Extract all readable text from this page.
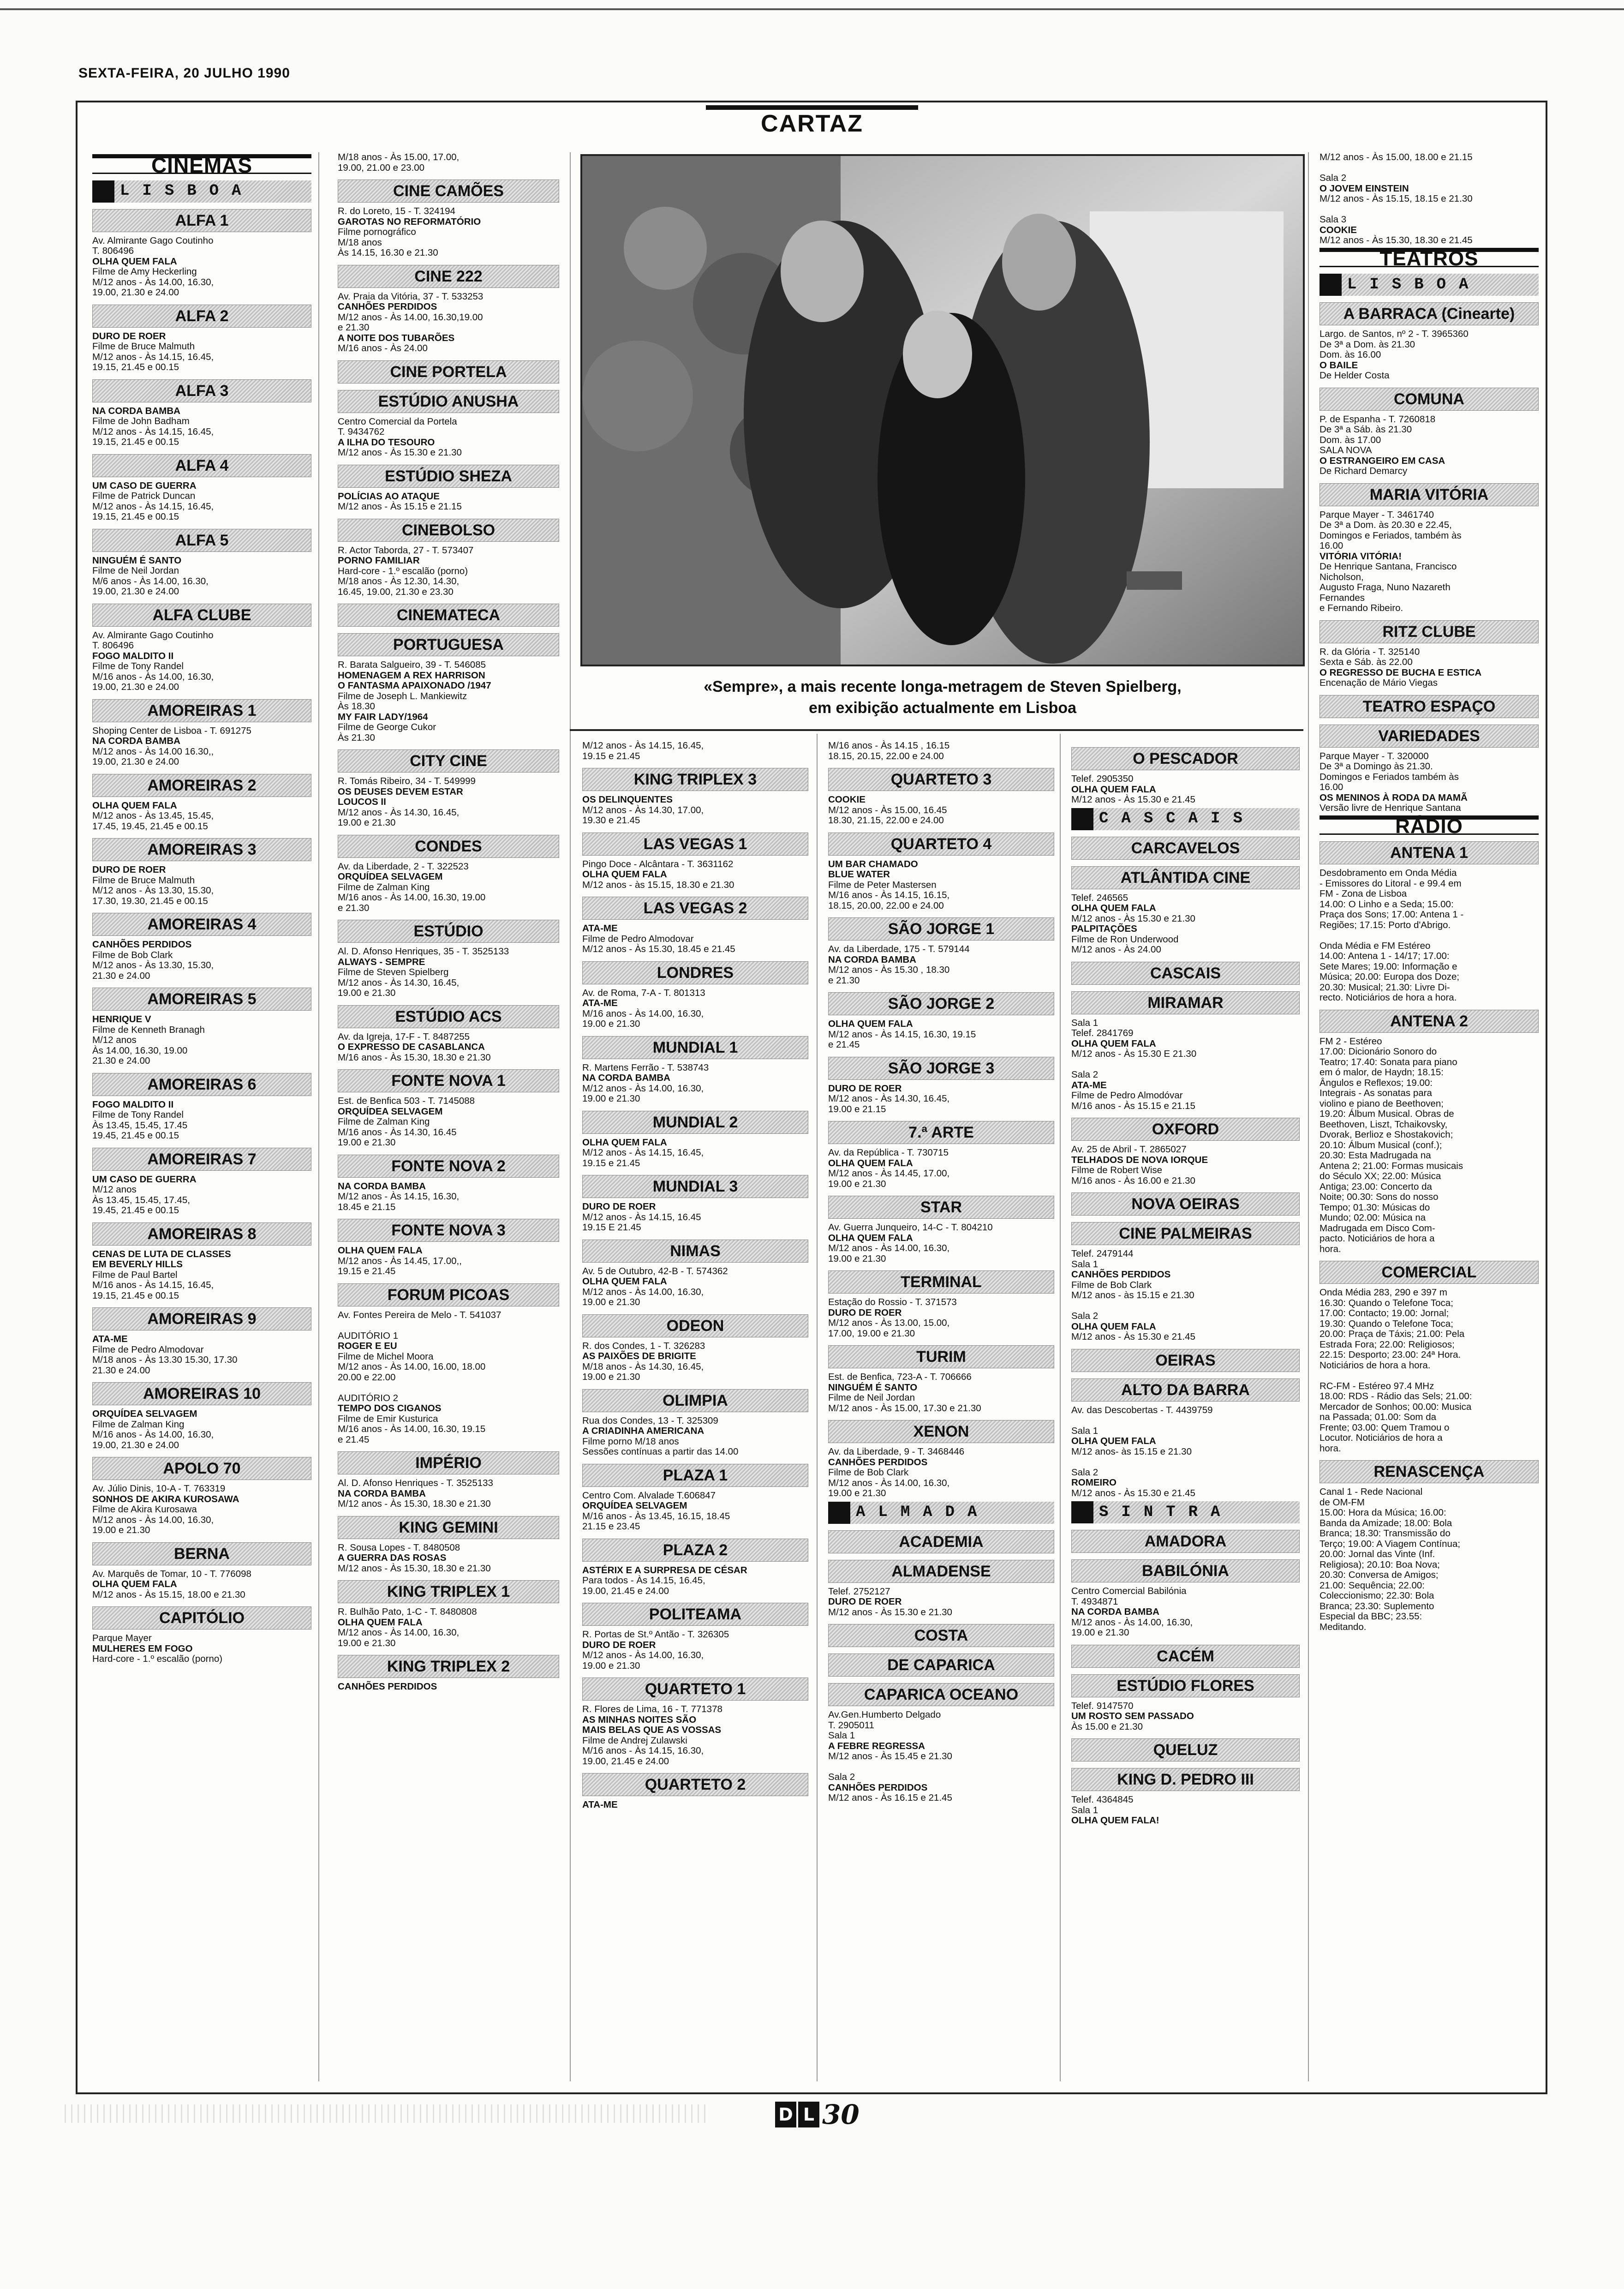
SEXTA-FEIRA, 20 JULHO 1990
CARTAZ
CINEMAS
L I S B O A
ALFA 1
Av. Almirante Gago Coutinho
T. 806496
OLHA QUEM FALA
Filme de Amy Heckerling
M/12 anos - Às 14.00, 16.30,
19.00, 21.30 e 24.00
ALFA 2
DURO DE ROER
Filme de Bruce Malmuth
M/12 anos - Às 14.15, 16.45,
19.15, 21.45 e 00.15
ALFA 3
NA CORDA BAMBA
Filme de John Badham
M/12 anos - Às 14.15, 16.45,
19.15, 21.45 e 00.15
ALFA 4
UM CASO DE GUERRA
Filme de Patrick Duncan
M/12 anos - Às 14.15, 16.45,
19.15, 21.45 e 00.15
ALFA 5
NINGUÉM É SANTO
Filme de Neil Jordan
M/6 anos - Às 14.00, 16.30,
19.00, 21.30 e 24.00
ALFA CLUBE
Av. Almirante Gago Coutinho
T. 806496
FOGO MALDITO II
Filme de Tony Randel
M/16 anos - Às 14.00, 16.30,
19.00, 21.30 e 24.00
AMOREIRAS 1
Shoping Center de Lisboa - T. 691275
NA CORDA BAMBA
M/12 anos - Às 14.00 16.30,,
19.00, 21.30 e 24.00
AMOREIRAS 2
OLHA QUEM FALA
M/12 anos - Às 13.45, 15.45,
17.45, 19.45, 21.45 e 00.15
AMOREIRAS 3
DURO DE ROER
Filme de Bruce Malmuth
M/12 anos - Às 13.30, 15.30,
17.30, 19.30, 21.45 e 00.15
AMOREIRAS 4
CANHÕES PERDIDOS
Filme de Bob Clark
M/12 anos - Às 13.30, 15.30,
21.30 e 24.00
AMOREIRAS 5
HENRIQUE V
Filme de Kenneth Branagh
M/12 anos
Às 14.00, 16.30, 19.00
21.30 e 24.00
AMOREIRAS 6
FOGO MALDITO II
Filme de Tony Randel
Às 13.45, 15.45, 17.45
19.45, 21.45 e 00.15
AMOREIRAS 7
UM CASO DE GUERRA
M/12 anos
Às 13.45, 15.45, 17.45,
19.45, 21.45 e 00.15
AMOREIRAS 8
CENAS DE LUTA DE CLASSES
EM BEVERLY HILLS
Filme de Paul Bartel
M/16 anos - Às 14.15, 16.45,
19.15, 21.45 e 00.15
AMOREIRAS 9
ATA-ME
Filme de Pedro Almodovar
M/18 anos - Às 13.30 15.30, 17.30
21.30 e 24.00
AMOREIRAS 10
ORQUÍDEA SELVAGEM
Filme de Zalman King
M/16 anos - Às 14.00, 16.30,
19.00, 21.30 e 24.00
APOLO 70
Av. Júlio Dinis, 10-A - T. 763319
SONHOS DE AKIRA KUROSAWA
Filme de Akira Kurosawa
M/12 anos - Às 14.00, 16.30,
19.00 e 21.30
BERNA
Av. Marquês de Tomar, 10 - T. 776098
OLHA QUEM FALA
M/12 anos - Às 15.15, 18.00 e 21.30
CAPITÓLIO
Parque Mayer
MULHERES EM FOGO
Hard-core - 1.º escalão (porno)
M/18 anos - Às 15.00, 17.00,
19.00, 21.00 e 23.00
CINE CAMÕES
R. do Loreto, 15 - T. 324194
GAROTAS NO REFORMATÓRIO
Filme pornográfico
M/18 anos
Às 14.15, 16.30 e 21.30
CINE 222
Av. Praia da Vitória, 37 - T. 533253
CANHÕES PERDIDOS
M/12 anos - Às 14.00, 16.30,19.00
e 21.30
A NOITE DOS TUBARÕES
M/16 anos - Às 24.00
CINE PORTELA
ESTÚDIO ANUSHA
Centro Comercial da Portela
T. 9434762
A ILHA DO TESOURO
M/12 anos - Às 15.30 e 21.30
ESTÚDIO SHEZA
POLÍCIAS AO ATAQUE
M/12 anos - Às 15.15 e 21.15
CINEBOLSO
R. Actor Taborda, 27 - T. 573407
PORNO FAMILIAR
Hard-core - 1.º escalão (porno)
M/18 anos - Às 12.30, 14.30,
16.45, 19.00, 21.30 e 23.30
CINEMATECA
PORTUGUESA
R. Barata Salgueiro, 39 - T. 546085
HOMENAGEM A REX HARRISON
O FANTASMA APAIXONADO /1947
Filme de Joseph L. Mankiewitz
Às 18.30
MY FAIR LADY/1964
Filme de George Cukor
Às 21.30
CITY CINE
R. Tomás Ribeiro, 34 - T. 549999
OS DEUSES DEVEM ESTAR
LOUCOS II
M/12 anos - Às 14.30, 16.45,
19.00 e 21.30
CONDES
Av. da Liberdade, 2 - T. 322523
ORQUÍDEA SELVAGEM
Filme de Zalman King
M/16 anos - Às 14.00, 16.30, 19.00
e 21.30
ESTÚDIO
Al. D. Afonso Henriques, 35 - T. 3525133
ALWAYS - SEMPRE
Filme de Steven Spielberg
M/12 anos - Às 14.30, 16.45,
19.00 e 21.30
ESTÚDIO ACS
Av. da Igreja, 17-F - T. 8487255
O EXPRESSO DE CASABLANCA
M/16 anos - Às 15.30, 18.30 e 21.30
FONTE NOVA 1
Est. de Benfica 503 - T. 7145088
ORQUÍDEA SELVAGEM
Filme de Zalman King
M/16 anos - Às 14.30, 16.45
19.00 e 21.30
FONTE NOVA 2
NA CORDA BAMBA
M/12 anos - Às 14.15, 16.30,
18.45 e 21.15
FONTE NOVA 3
OLHA QUEM FALA
M/12 anos - Às 14.45, 17.00,,
19.15 e 21.45
FORUM PICOAS
Av. Fontes Pereira de Melo - T. 541037

AUDITÓRIO 1
ROGER E EU
Filme de Michel Moora
M/12 anos - Às 14.00, 16.00, 18.00
20.00 e 22.00

AUDITÓRIO 2
TEMPO DOS CIGANOS
Filme de Emir Kusturica
M/16 anos - Às 14.00, 16.30, 19.15
e 21.45
IMPÉRIO
Al. D. Afonso Henriques - T. 3525133
NA CORDA BAMBA
M/12 anos - Às 15.30, 18.30 e 21.30
KING GEMINI
R. Sousa Lopes - T. 8480508
A GUERRA DAS ROSAS
M/12 anos - Às 15.30, 18.30 e 21.30
KING TRIPLEX 1
R. Bulhão Pato, 1-C - T. 8480808
OLHA QUEM FALA
M/12 anos - Às 14.00, 16.30,
19.00 e 21.30
KING TRIPLEX 2
CANHÕES PERDIDOS
«Sempre», a mais recente longa-metragem de Steven Spielberg,
em exibição actualmente em Lisboa
M/12 anos - Às 14.15, 16.45,
19.15 e 21.45
KING TRIPLEX 3
OS DELINQUENTES
M/12 anos - Às 14.30, 17.00,
19.30 e 21.45
LAS VEGAS 1
Pingo Doce - Alcântara - T. 3631162
OLHA QUEM FALA
M/12 anos - às 15.15, 18.30 e 21.30
LAS VEGAS 2
ATA-ME
Filme de Pedro Almodovar
M/12 anos - Às 15.30, 18.45 e 21.45
LONDRES
Av. de Roma, 7-A - T. 801313
ATA-ME
M/16 anos - Às 14.00, 16.30,
19.00 e 21.30
MUNDIAL 1
R. Martens Ferrão - T. 538743
NA CORDA BAMBA
M/12 anos - Às 14.00, 16.30,
19.00 e 21.30
MUNDIAL 2
OLHA QUEM FALA
M/12 anos - Às 14.15, 16.45,
19.15 e 21.45
MUNDIAL 3
DURO DE ROER
M/12 anos - Às 14.15, 16.45
19.15 E 21.45
NIMAS
Av. 5 de Outubro, 42-B - T. 574362
OLHA QUEM FALA
M/12 anos - Às 14.00, 16.30,
19.00 e 21.30
ODEON
R. dos Condes, 1 - T. 326283
AS PAIXÕES DE BRIGITE
M/18 anos - Às 14.30, 16.45,
19.00 e 21.30
OLIMPIA
Rua dos Condes, 13 - T. 325309
A CRIADINHA AMERICANA
Filme porno M/18 anos
Sessões contínuas a partir das 14.00
PLAZA 1
Centro Com. Alvalade T.606847
ORQUÍDEA SELVAGEM
M/16 anos - Às 13.45, 16.15, 18.45
21.15 e 23.45
PLAZA 2
ASTÉRIX E A SURPRESA DE CÉSAR
Para todos - Às 14.15, 16.45,
19.00, 21.45 e 24.00
POLITEAMA
R. Portas de St.º Antão - T. 326305
DURO DE ROER
M/12 anos - Às 14.00, 16.30,
19.00 e 21.30
QUARTETO 1
R. Flores de Lima, 16 - T. 771378
AS MINHAS NOITES SÃO
MAIS BELAS QUE AS VOSSAS
Filme de Andrej Zulawski
M/16 anos - Às 14.15, 16.30,
19.00, 21.45 e 24.00
QUARTETO 2
ATA-ME
M/16 anos - Às 14.15 , 16.15
18.15, 20.15, 22.00 e 24.00
QUARTETO 3
COOKIE
M/12 anos - Às 15.00, 16.45
18.30, 21.15, 22.00 e 24.00
QUARTETO 4
UM BAR CHAMADO
BLUE WATER
Filme de Peter Mastersen
M/16 anos - Às 14.15, 16.15,
18.15, 20.00, 22.00 e 24.00
SÃO JORGE 1
Av. da Liberdade, 175 - T. 579144
NA CORDA BAMBA
M/12 anos - Às 15.30 , 18.30
e 21.30
SÃO JORGE 2
OLHA QUEM FALA
M/12 anos - Às 14.15, 16.30, 19.15
e 21.45
SÃO JORGE 3
DURO DE ROER
M/12 anos - Às 14.30, 16.45,
19.00 e 21.15
7.ª ARTE
Av. da República - T. 730715
OLHA QUEM FALA
M/12 anos - Às 14.45, 17.00,
19.00 e 21.30
STAR
Av. Guerra Junqueiro, 14-C - T. 804210
OLHA QUEM FALA
M/12 anos - Às 14.00, 16.30,
19.00 e 21.30
TERMINAL
Estação do Rossio - T. 371573
DURO DE ROER
M/12 anos - Às 13.00, 15.00,
17.00, 19.00 e 21.30
TURIM
Est. de Benfica, 723-A - T. 706666
NINGUÉM É SANTO
Filme de Neil Jordan
M/12 anos - Às 15.00, 17.30 e 21.30
XENON
Av. da Liberdade, 9 - T. 3468446
CANHÕES PERDIDOS
Filme de Bob Clark
M/12 anos - Às 14.00, 16.30,
19.00 e 21.30
A L M A D A
ACADEMIA
ALMADENSE
Telef. 2752127
DURO DE ROER
M/12 anos - Às 15.30 e 21.30
COSTA
DE CAPARICA
CAPARICA OCEANO
Av.Gen.Humberto Delgado
T. 2905011
Sala 1
A FEBRE REGRESSA
M/12 anos - Às 15.45 e 21.30

Sala 2
CANHÕES PERDIDOS
M/12 anos - Às 16.15 e 21.45
O PESCADOR
Telef. 2905350
OLHA QUEM FALA
M/12 anos - Às 15.30 e 21.45
C A S C A I S
CARCAVELOS
ATLÂNTIDA CINE
Telef. 246565
OLHA QUEM FALA
M/12 anos - Às 15.30 e 21.30
PALPITAÇÕES
Filme de Ron Underwood
M/12 anos - Às 24.00
CASCAIS
MIRAMAR
Sala 1
Telef. 2841769
OLHA QUEM FALA
M/12 anos - Às 15.30 E 21.30

Sala 2
ATA-ME
Filme de Pedro Almodóvar
M/16 anos - Às 15.15 e 21.15
OXFORD
Av. 25 de Abril - T. 2865027
TELHADOS DE NOVA IORQUE
Filme de Robert Wise
M/16 anos - Às 16.00 e 21.30
NOVA OEIRAS
CINE PALMEIRAS
Telef. 2479144
Sala 1
CANHÕES PERDIDOS
Filme de Bob Clark
M/12 anos - às 15.15 e 21.30

Sala 2
OLHA QUEM FALA
M/12 anos - Às 15.30 e 21.45
OEIRAS
ALTO DA BARRA
Av. das Descobertas - T. 4439759

Sala 1
OLHA QUEM FALA
M/12 anos- às 15.15 e 21.30

Sala 2
ROMEIRO
M/12 anos - Às 15.30 e 21.45
S I N T R A
AMADORA
BABILÓNIA
Centro Comercial Babilónia
T. 4934871
NA CORDA BAMBA
M/12 anos - Às 14.00, 16.30,
19.00 e 21.30
CACÉM
ESTÚDIO FLORES
Telef. 9147570
UM ROSTO SEM PASSADO
Às 15.00 e 21.30
QUELUZ
KING D. PEDRO III
Telef. 4364845
Sala 1
OLHA QUEM FALA!
M/12 anos - Às 15.00, 18.00 e 21.15

Sala 2
O JOVEM EINSTEIN
M/12 anos - Às 15.15, 18.15 e 21.30

Sala 3
COOKIE
M/12 anos - Às 15.30, 18.30 e 21.45
TEATROS
L I S B O A
A BARRACA (Cinearte)
Largo. de Santos, nº 2 - T. 3965360
De 3ª a Dom. às 21.30
Dom. às 16.00
O BAILE
De Helder Costa
COMUNA
P. de Espanha - T. 7260818
De 3ª a Sáb. às 21.30
Dom. às 17.00
SALA NOVA
O ESTRANGEIRO EM CASA
De Richard Demarcy
MARIA VITÓRIA
Parque Mayer - T. 3461740
De 3ª a Dom. às 20.30 e 22.45,
Domingos e Feriados, também às
16.00
VITÓRIA VITÓRIA!
De Henrique Santana, Francisco
Nicholson,
Augusto Fraga, Nuno Nazareth
Fernandes
e Fernando Ribeiro.
RITZ CLUBE
R. da Glória - T. 325140
Sexta e Sáb. às 22.00
O REGRESSO DE BUCHA E ESTICA
Encenação de Mário Viegas
TEATRO ESPAÇO
VARIEDADES
Parque Mayer - T. 320000
De 3ª a Domingo às 21.30.
Domingos e Feriados também às
16.00
OS MENINOS À RODA DA MAMÃ
Versão livre de Henrique Santana
RÁDIO
ANTENA 1
Desdobramento em Onda Média
- Emissores do Litoral - e 99.4 em
FM - Zona de Lisboa
14.00: O Linho e a Seda; 15.00:
Praça dos Sons; 17.00: Antena 1 -
Regiões; 17.15: Porto d'Abrigo.

Onda Média e FM Estéreo
14.00: Antena 1 - 14/17; 17.00:
Sete Mares; 19.00: Informação e
Música; 20.00: Europa dos Doze;
20.30: Musical; 21.30: Livre Di-
recto. Noticiários de hora a hora.
ANTENA 2
FM 2 - Estéreo
17.00: Dicionário Sonoro do
Teatro; 17.40: Sonata para piano
em ó malor, de Haydn; 18.15:
Ângulos e Reflexos; 19.00:
Integrais - As sonatas para
violino e piano de Beethoven;
19.20: Álbum Musical. Obras de
Beethoven, Liszt, Tchaikovsky,
Dvorak, Berlioz e Shostakovich;
20.10: Álbum Musical (conf.);
20.30: Esta Madrugada na
Antena 2; 21.00: Formas musicais
do Século XX; 22.00: Música
Antiga; 23.00: Concerto da
Noite; 00.30: Sons do nosso
Tempo; 01.30: Músicas do
Mundo; 02.00: Música na
Madrugada em Disco Com-
pacto. Noticiários de hora a
hora.
COMERCIAL
Onda Média 283, 290 e 397 m
16.30: Quando o Telefone Toca;
17.00: Contacto; 19.00: Jornal;
19.30: Quando o Telefone Toca;
20.00: Praça de Táxis; 21.00: Pela
Estrada Fora; 22.00: Religiosos;
22.15: Desporto; 23.00: 24ª Hora.
Noticiários de hora a hora.

RC-FM - Estéreo 97.4 MHz
18.00: RDS - Rádio das Sels; 21.00:
Mercador de Sonhos; 00.00: Musica
na Passada; 01.00: Som da
Frente; 03.00: Quem Tramou o
Locutor. Noticiários de hora a
hora.
RENASCENÇA
Canal 1 - Rede Nacional
de OM-FM
15.00: Hora da Música; 16.00:
Banda da Amizade; 18.00: Bola
Branca; 18.30: Transmissão do
Terço; 19.00: A Viagem Contínua;
20.00: Jornal das Vinte (Inf.
Religiosa); 20.10: Boa Nova;
20.30: Conversa de Amigos;
21.00: Sequência; 22.00:
Coleccionismo; 22.30: Bola
Branca; 23.30: Suplemento
Especial da BBC; 23.55:
Meditando.
D L 30
